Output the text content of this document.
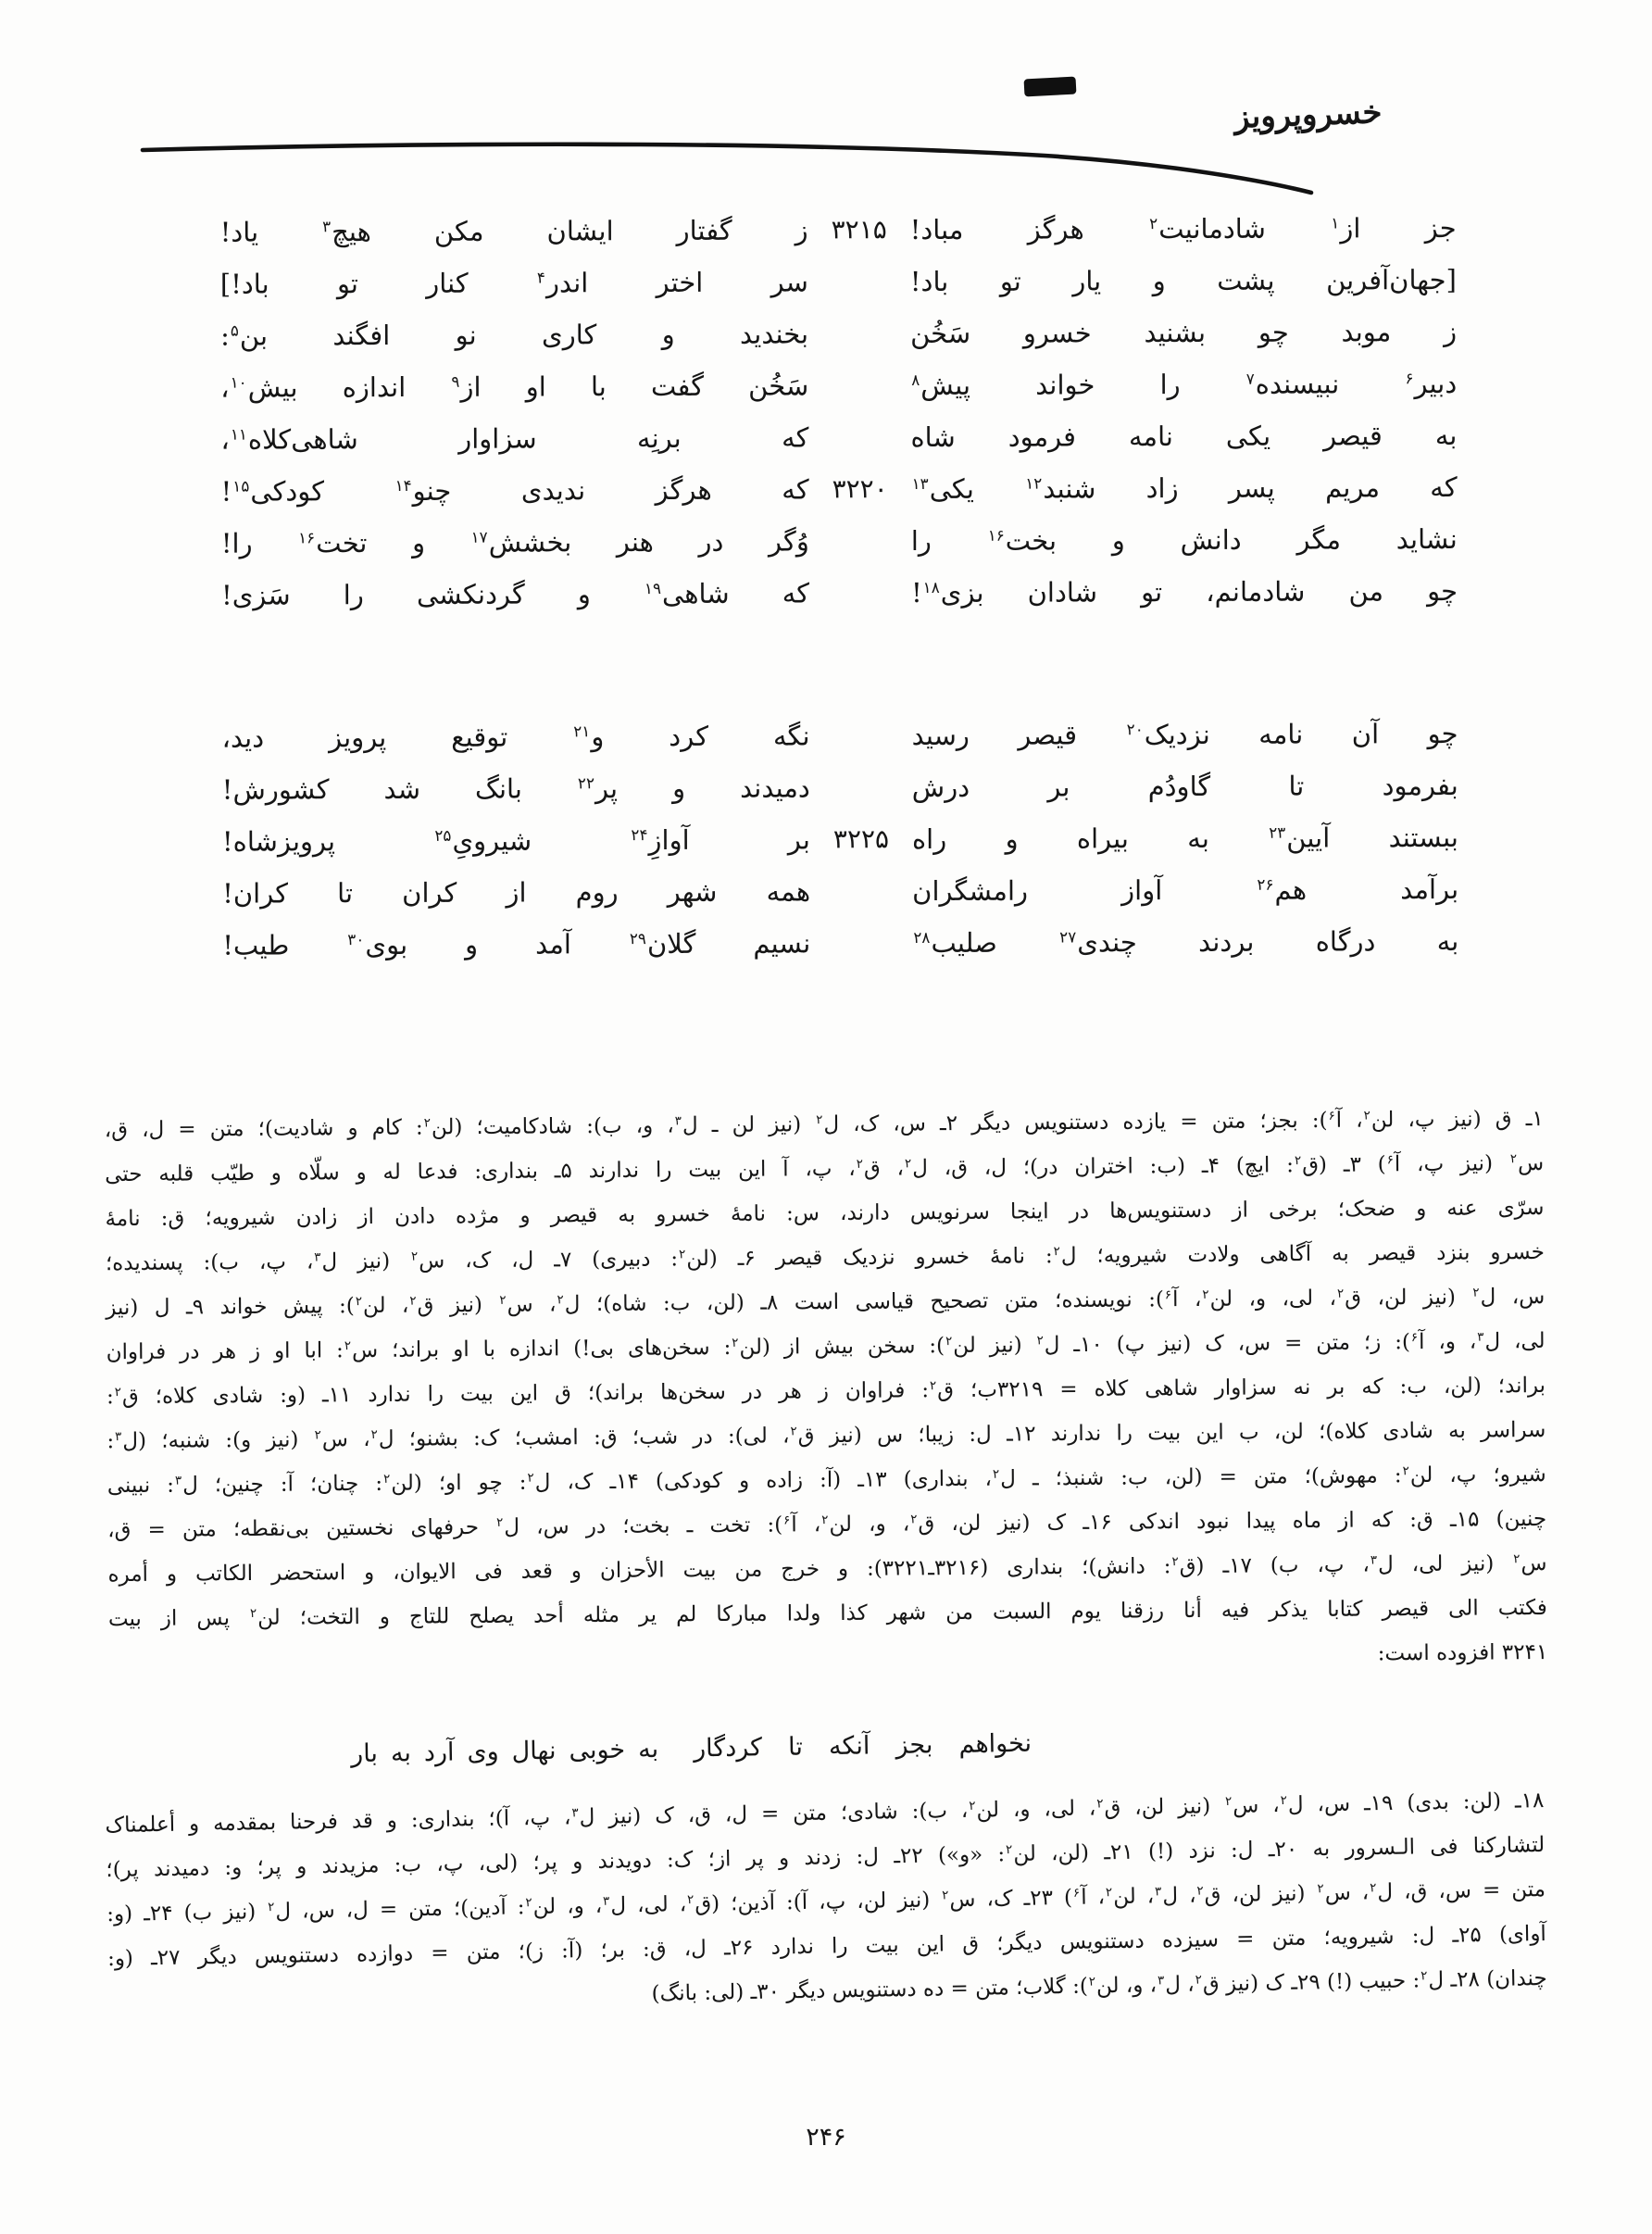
خسروپرویز
جز از$^۱$ شادمانیت$^۲$ هرگز مباد!
۳۲۱۵
ز گفتار ایشان مکن هیچ$^۳$ یاد!
[جهان‌آفرین پشت و یار تو باد!
سر اختر اندر$^۴$ کنار تو باد!]
ز موبد چو بشنید خسرو سَخُن
بخندید و کاری نو افگند بن$^۵$:
دبیر$^۶$ نبیسنده$^۷$ را خواند پیش$^۸$
سَخُن گفت با او از$^۹$ اندازه بیش$^{۱۰}$،
به قیصر یکی نامه فرمود شاه
که برنِه سزاوار شاهی‌کلاه$^{۱۱}$،
که مریم پسر زاد شنبد$^{۱۲}$ یکی$^{۱۳}$
۳۲۲۰
که هرگز ندیدی چنو$^{۱۴}$ کودکی$^{۱۵}$!
نشاید مگر دانش و بخت$^{۱۶}$ را
وُگر در هنر بخشش$^{۱۷}$ و تخت$^{۱۶}$ را!
چو من شادمانم، تو شادان بزی$^{۱۸}$!
که شاهی$^{۱۹}$ و گردنکشی را سَزی!
چو آن نامه نزدیک$^{۲۰}$ قیصر رسید
نگه کرد و$^{۲۱}$ توقیع پرویز دید،
بفرمود تا گاودُم بر درش
دمیدند و پر$^{۲۲}$ بانگ شد کشورش!
ببستند آیین$^{۲۳}$ به بیراه و راه
۳۲۲۵
بر آوازِ$^{۲۴}$ شیرویِ$^{۲۵}$ پرویزشاه!
برآمد هم$^{۲۶}$ آواز رامشگران
همه شهر روم از کران تا کران!
به درگاه بردند چندی$^{۲۷}$ صلیب$^{۲۸}$
نسیم گلان$^{۲۹}$ آمد و بوی$^{۳۰}$ طیب!
۱ـ ق (نیز پ، لن$^۲$، آ$^۶$): بجز؛ متن = یازده دستنویس دیگر ۲ـ س، ک، ل$^۲$ (نیز لن ـ ل$^۳$، و، ب): شادکامیت؛ (لن$^۲$: کام و شادیت)؛ متن = ل، ق،
س$^۲$ (نیز پ، آ$^۶$) ۳ـ (ق$^۲$: ایچ) ۴ـ (ب: اختران در)؛ ل، ق، ل$^۲$، ق$^۲$، پ، آ این بیت را ندارند ۵ـ بنداری: فدعا له و سلّاه و طیّب قلبه حتی
سرّی عنه و ضحک؛ برخی از دستنویس‌ها در اینجا سرنویس دارند، س: نامهٔ خسرو به قیصر و مژده دادن از زادن شیرویه؛ ق: نامهٔ
خسرو بنزد قیصر به آگاهی ولادت شیرویه؛ ل$^۲$: نامهٔ خسرو نزدیک قیصر ۶ـ (لن$^۲$: دبیری) ۷ـ ل، ک، س$^۲$ (نیز ل$^۳$، پ، ب): پسندیده؛
س، ل$^۲$ (نیز لن، ق$^۲$، لی، و، لن$^۲$، آ$^۶$): نویسنده؛ متن تصحیح قیاسی است ۸ـ (لن، ب: شاه)؛ ل$^۲$، س$^۲$ (نیز ق$^۲$، لن$^۲$): پیش خواند ۹ـ ل (نیز
لی، ل$^۳$، و، آ$^۶$): ز؛ متن = س، ک (نیز پ) ۱۰ـ ل$^۲$ (نیز لن$^۲$): سخن بیش از (لن$^۲$: سخن‌های بی!) اندازه با او براند؛ س$^۲$: ابا او ز هر در فراوان
براند؛ (لن، ب: که بر نه سزاوار شاهی کلاه = ۳۲۱۹ب؛ ق$^۲$: فراوان ز هر در سخن‌ها براند)؛ ق این بیت را ندارد ۱۱ـ (و: شادی کلاه؛ ق$^۲$:
سراسر به شادی کلاه)؛ لن، ب این بیت را ندارند ۱۲ـ ل: زیبا؛ س (نیز ق$^۲$، لی): در شب؛ ق: امشب؛ ک: بشنو؛ ل$^۲$، س$^۲$ (نیز و): شنبه؛ (ل$^۳$:
شیرو؛ پ، لن$^۲$: مهوش)؛ متن = (لن، ب: شنبذ؛ ـ ل$^۲$، بنداری) ۱۳ـ (آ: زاده و کودکی) ۱۴ـ ک، ل$^۲$: چو او؛ (لن$^۲$: چنان؛ آ: چنین؛ ل$^۳$: نبینی
چنین) ۱۵ـ ق: که از ماه پیدا نبود اندکی ۱۶ـ ک (نیز لن، ق$^۲$، و، لن$^۲$، آ$^۶$): تخت ـ بخت؛ در س، ل$^۲$ حرفهای نخستین بی‌نقطه؛ متن = ق،
س$^۲$ (نیز لی، ل$^۳$، پ، ب) ۱۷ـ (ق$^۲$: دانش)؛ بنداری (۳۲۱۶ـ۳۲۲۱): و خرج من بیت الأحزان و قعد فی الایوان، و استحضر الکاتب و أمره
فکتب الی قیصر کتابا یذکر فیه أنا رزقنا یوم السبت من شهر کذا ولدا مبارکا لم یر مثله أحد یصلح للتاج و التخت؛ لن$^۲$ پس از بیت
۳۲۴۱ افزوده است:
نخواهم بجز آنکه تا کردگار
به خوبی نهال وی آرد به بار
۱۸ـ (لن: بدی) ۱۹ـ س، ل$^۲$، س$^۲$ (نیز لن، ق$^۲$، لی، و، لن$^۲$، ب): شادی؛ متن = ل، ق، ک (نیز ل$^۳$، پ، آ)؛ بنداری: و قد فرحنا بمقدمه و أعلمناک
لتشارکنا فی الـسرور به ۲۰ـ ل: نزد (!) ۲۱ـ (لن، لن$^۲$: «و») ۲۲ـ ل: زدند و پر از؛ ک: دویدند و پر؛ (لی، پ، ب: مزیدند و پر؛ و: دمیدند پر)؛
متن = س، ق، ل$^۲$، س$^۲$ (نیز لن، ق$^۲$، ل$^۳$، لن$^۲$، آ$^۶$) ۲۳ـ ک، س$^۲$ (نیز لن، پ، آ): آذین؛ (ق$^۲$، لی، ل$^۳$، و، لن$^۲$: آدین)؛ متن = ل، س، ل$^۲$ (نیز ب) ۲۴ـ (و:
آوای) ۲۵ـ ل: شیرویه؛ متن = سیزده دستنویس دیگر؛ ق این بیت را ندارد ۲۶ـ ل، ق: بر؛ (آ: ز)؛ متن = دوازده دستنویس دیگر ۲۷ـ (و:
چندان) ۲۸ـ ل$^۲$: حبیب (!) ۲۹ـ ک (نیز ق$^۲$، ل$^۳$، و، لن$^۲$): گلاب؛ متن = ده دستنویس دیگر ۳۰ـ (لی: بانگ)
۲۴۶
